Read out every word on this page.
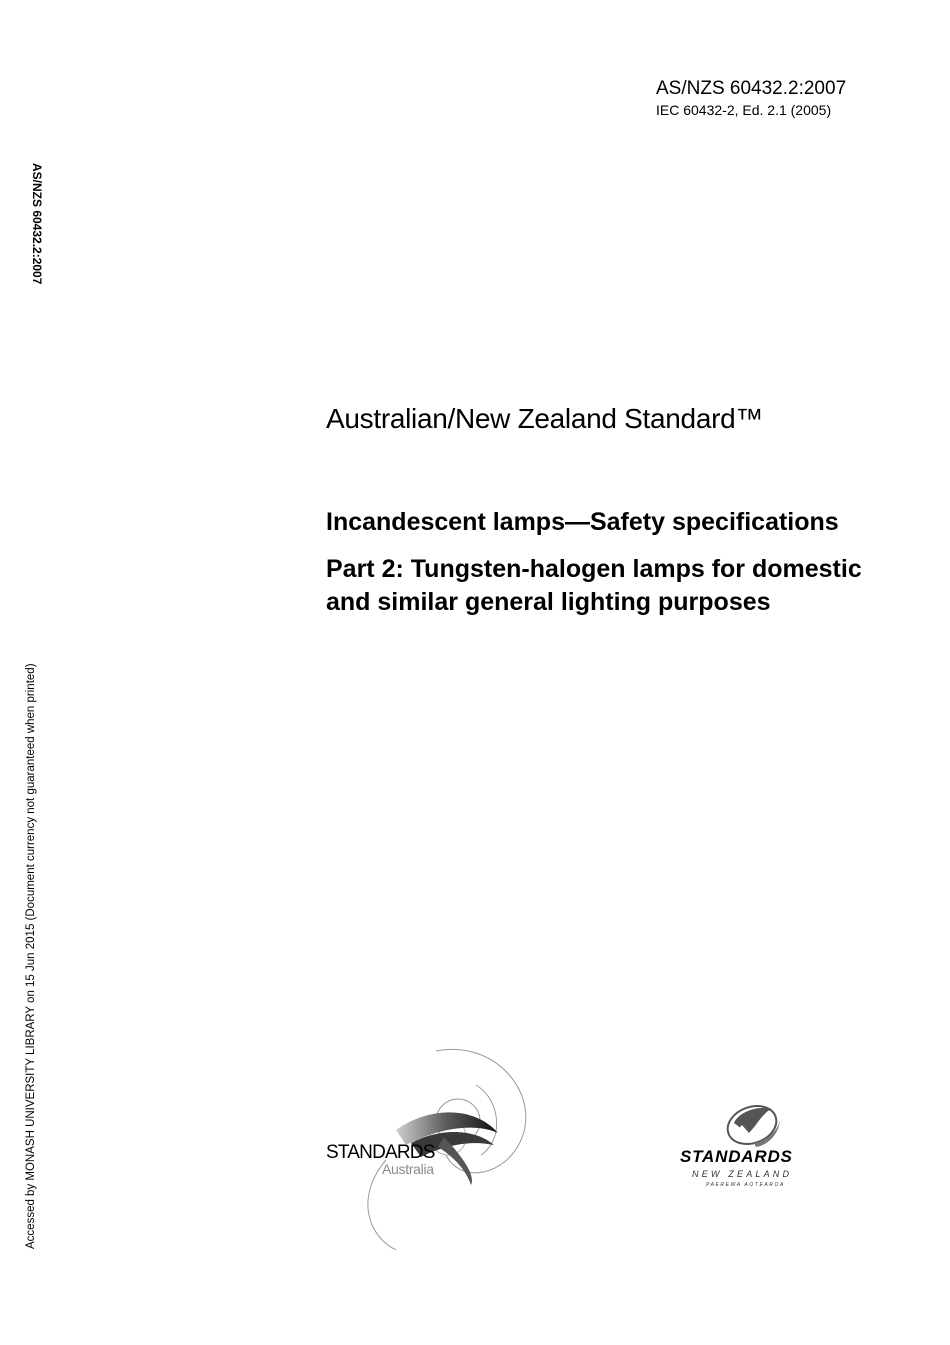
AS/NZS 60432.2:2007
IEC 60432-2, Ed. 2.1 (2005)
AS/NZS 60432.2:2007
Accessed by MONASH UNIVERSITY LIBRARY on 15 Jun 2015 (Document currency not guaranteed when printed)
Australian/New Zealand Standard™

Incandescent lamps—Safety specifications

Part 2: Tungsten-halogen lamps for domestic and similar general lighting purposes

STANDARDS
Australia
STANDARDS
NEW ZEALAND
PAEREWA AOTEAROA
